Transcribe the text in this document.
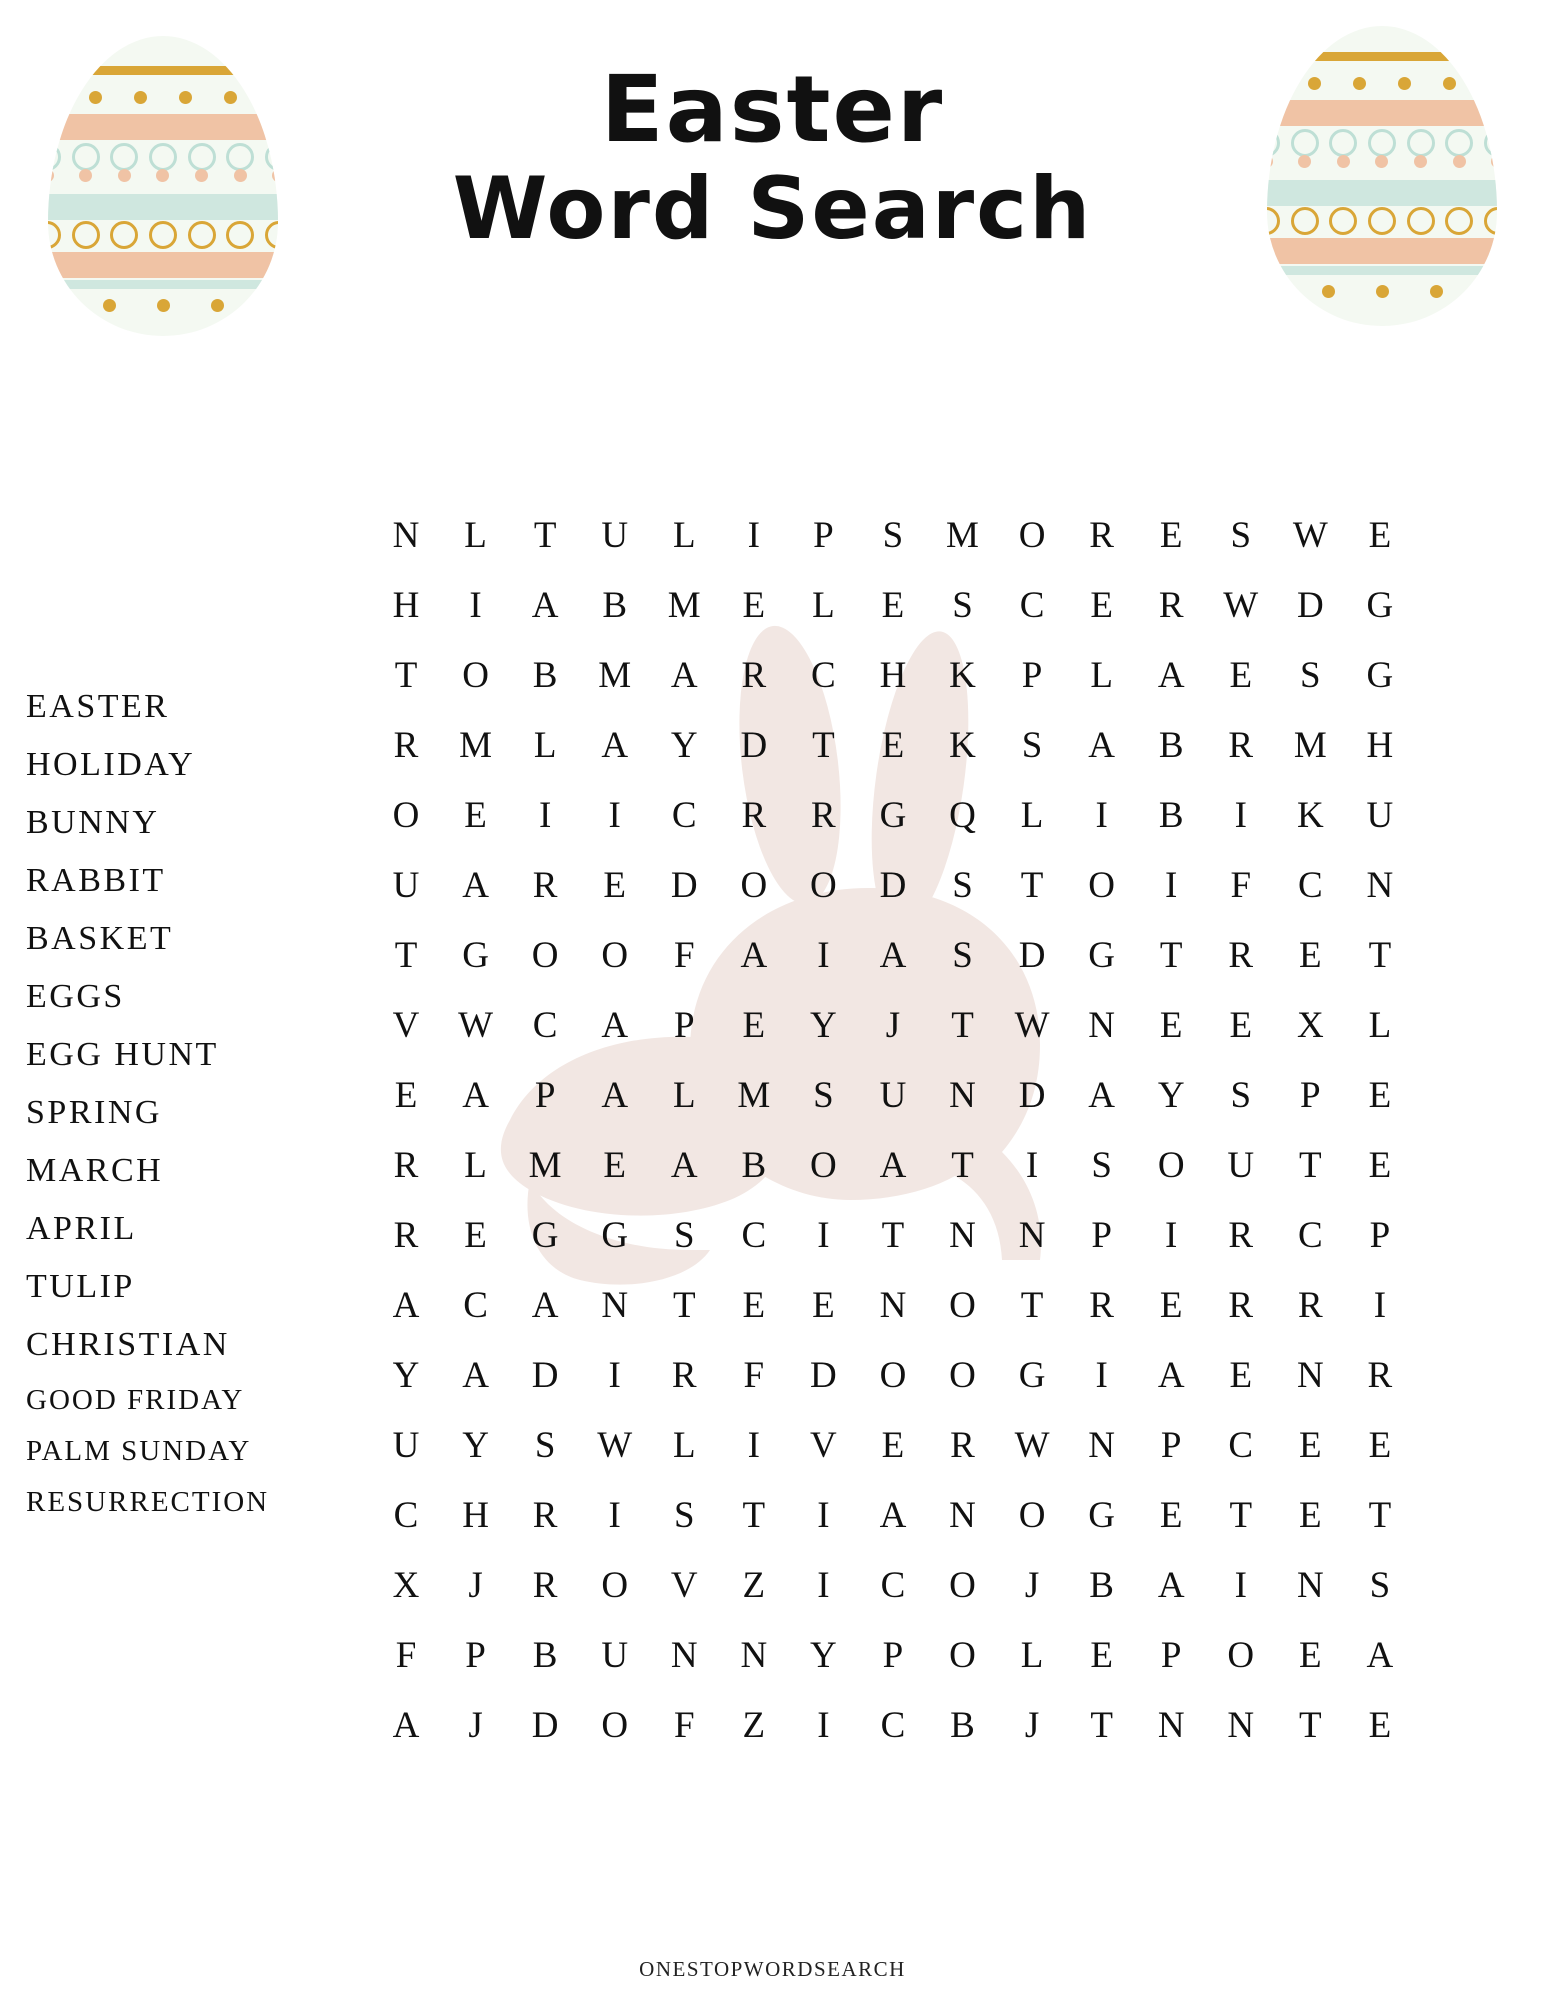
Easter
Word Search
EASTER
HOLIDAY
BUNNY
RABBIT
BASKET
EGGS
EGG HUNT
SPRING
MARCH
APRIL
TULIP
CHRISTIAN
GOOD FRIDAY
PALM SUNDAY
RESURRECTION
N	L	T	U	L	I	P	S	M	O	R	E	S	W	E
H	I	A	B	M	E	L	E	S	C	E	R	W	D	G
T	O	B	M	A	R	C	H	K	P	L	A	E	S	G
R	M	L	A	Y	D	T	E	K	S	A	B	R	M	H
O	E	I	I	C	R	R	G	Q	L	I	B	I	K	U
U	A	R	E	D	O	O	D	S	T	O	I	F	C	N
T	G	O	O	F	A	I	A	S	D	G	T	R	E	T
V	W	C	A	P	E	Y	J	T	W	N	E	E	X	L
E	A	P	A	L	M	S	U	N	D	A	Y	S	P	E
R	L	M	E	A	B	O	A	T	I	S	O	U	T	E
R	E	G	G	S	C	I	T	N	N	P	I	R	C	P
A	C	A	N	T	E	E	N	O	T	R	E	R	R	I
Y	A	D	I	R	F	D	O	O	G	I	A	E	N	R
U	Y	S	W	L	I	V	E	R	W	N	P	C	E	E
C	H	R	I	S	T	I	A	N	O	G	E	T	E	T
X	J	R	O	V	Z	I	C	O	J	B	A	I	N	S
F	P	B	U	N	N	Y	P	O	L	E	P	O	E	A
A	J	D	O	F	Z	I	C	B	J	T	N	N	T	E
ONESTOPWORDSEARCH
